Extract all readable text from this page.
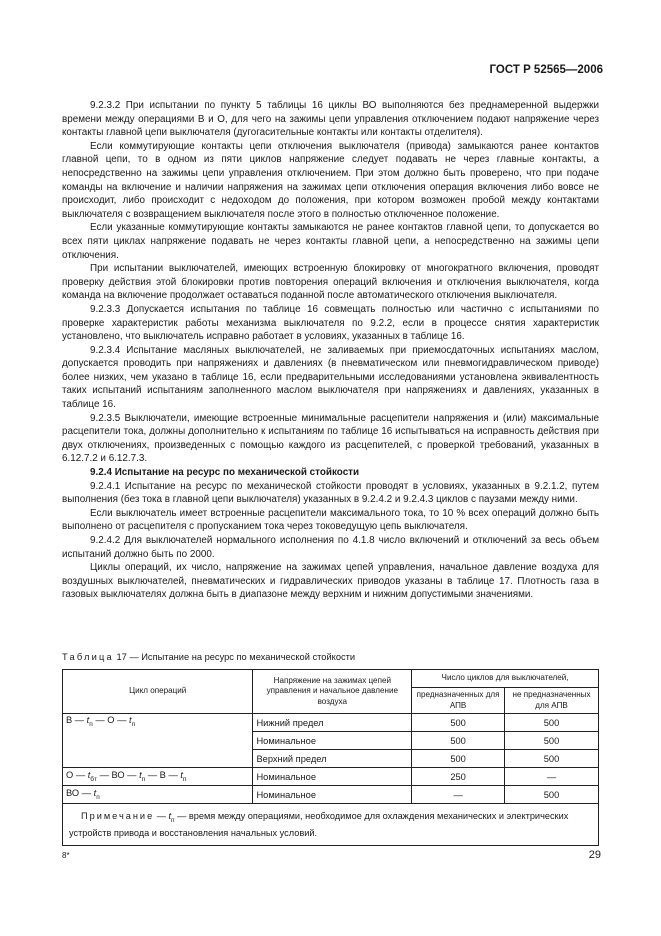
ГОСТ Р 52565—2006

9.2.3.2 При испытании по пункту 5 таблицы 16 циклы ВО выполняются без преднамеренной выдержки времени между операциями В и О, для чего на зажимы цепи управления отключением подают напряжение через контакты главной цепи выключателя (дугогасительные контакты или контакты отделителя).

Если коммутирующие контакты цепи отключения выключателя (привода) замыкаются ранее контактов главной цепи, то в одном из пяти циклов напряжение следует подавать не через главные контакты, а непосредственно на зажимы цепи управления отключением. При этом должно быть проверено, что при подаче команды на включение и наличии напряжения на зажимах цепи отключения операция включения либо вовсе не происходит, либо происходит с недоходом до положения, при котором возможен пробой между контактами выключателя с возвращением выключателя после этого в полностью отключенное положение.

Если указанные коммутирующие контакты замыкаются не ранее контактов главной цепи, то допускается во всех пяти циклах напряжение подавать не через контакты главной цепи, а непосредственно на зажимы цепи отключения.

При испытании выключателей, имеющих встроенную блокировку от многократного включения, проводят проверку действия этой блокировки против повторения операций включения и отключения выключателя, когда команда на включение продолжает оставаться поданной после автоматического отключения выключателя.

9.2.3.3 Допускается испытания по таблице 16 совмещать полностью или частично с испытаниями по проверке характеристик работы механизма выключателя по 9.2.2, если в процессе снятия характеристик установлено, что выключатель исправно работает в условиях, указанных в таблице 16.

9.2.3.4 Испытание масляных выключателей, не заливаемых при приемосдаточных испытаниях маслом, допускается проводить при напряжениях и давлениях (в пневматическом или пневмогидравлическом приводе) более низких, чем указано в таблице 16, если предварительными исследованиями установлена эквивалентность таких испытаний испытаниям заполненного маслом выключателя при напряжениях и давлениях, указанных в таблице 16.

9.2.3.5 Выключатели, имеющие встроенные минимальные расцепители напряжения и (или) максимальные расцепители тока, должны дополнительно к испытаниям по таблице 16 испытываться на исправность действия при двух отключениях, произведенных с помощью каждого из расцепителей, с проверкой требований, указанных в 6.12.7.2 и 6.12.7.3.

9.2.4 Испытание на ресурс по механической стойкости

9.2.4.1 Испытание на ресурс по механической стойкости проводят в условиях, указанных в 9.2.1.2, путем выполнения (без тока в главной цепи выключателя) указанных в 9.2.4.2 и 9.2.4.3 циклов с паузами между ними.

Если выключатель имеет встроенные расцепители максимального тока, то 10 % всех операций должно быть выполнено от расцепителя с пропусканием тока через токоведущую цепь выключателя.

9.2.4.2 Для выключателей нормального исполнения по 4.1.8 число включений и отключений за весь объем испытаний должно быть по 2000.

Циклы операций, их число, напряжение на зажимах цепей управления, начальное давление воздуха для воздушных выключателей, пневматических и гидравлических приводов указаны в таблице 17. Плотность газа в газовых выключателях должна быть в диапазоне между верхним и нижним допустимыми значениями.

Таблица 17 — Испытание на ресурс по механической стойкости
Цикл операций	Напряжение на зажимах цепей управления и начальное давление воздуха	Число циклов для выключателей,	
		предназначенных для АПВ	не предназначенных для АПВ
В — $t_п$ — О — $t_п$	Нижний предел	500	500
	Номинальное	500	500
	Верхний предел	500	500
О — $t_{бт}$ — ВО — $t_п$ — В — $t_п$	Номинальное	250	—
ВО — $t_п$	Номинальное	—	500
Примечание — $t_п$ — время между операциями, необходимое для охлаждения механических и электрических устройств привода и восстановления начальных условий.			
8*	29
